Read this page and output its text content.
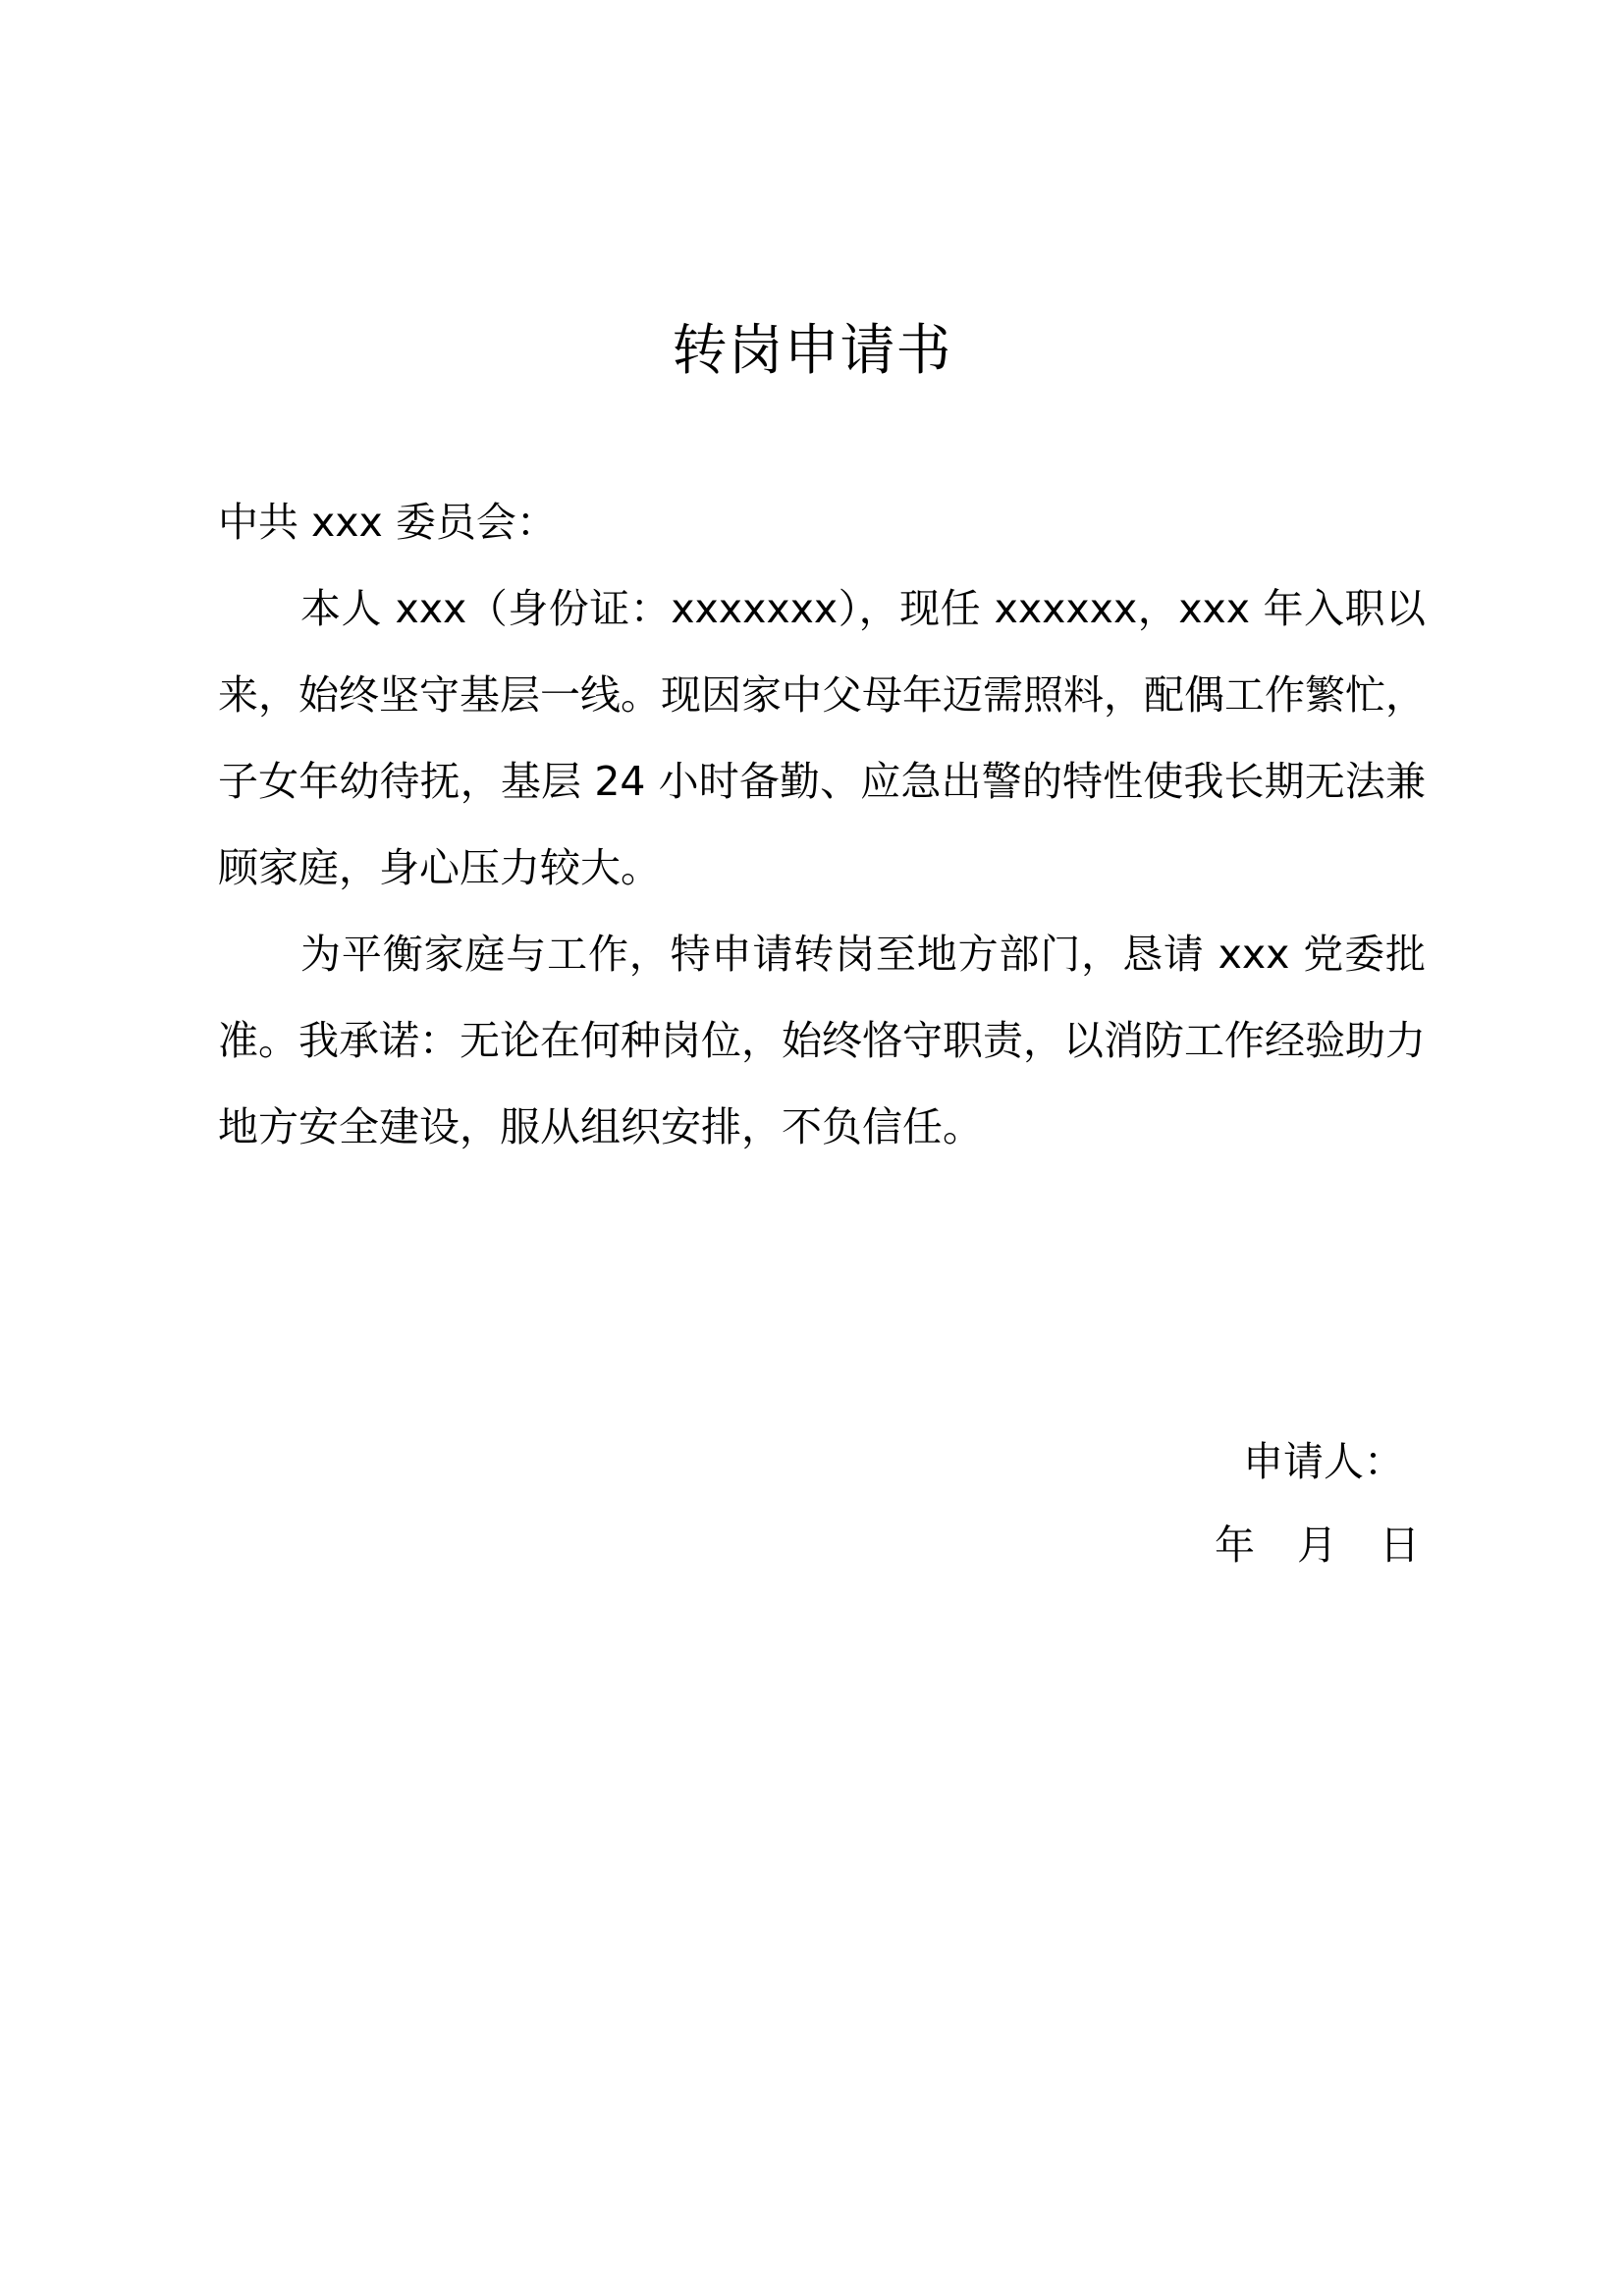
转岗申请书

中共 xxx 委员会：

本人 xxx（身份证：xxxxxxx），现任 xxxxxx，xxx 年入职以来，始终坚守基层一线。现因家中父母年迈需照料，配偶工作繁忙，子女年幼待抚，基层 24 小时备勤、应急出警的特性使我长期无法兼顾家庭，身心压力较大。

为平衡家庭与工作，特申请转岗至地方部门，恳请 xxx 党委批准。我承诺：无论在何种岗位，始终恪守职责，以消防工作经验助力地方安全建设，服从组织安排，不负信任。

申请人：
年	月	日
